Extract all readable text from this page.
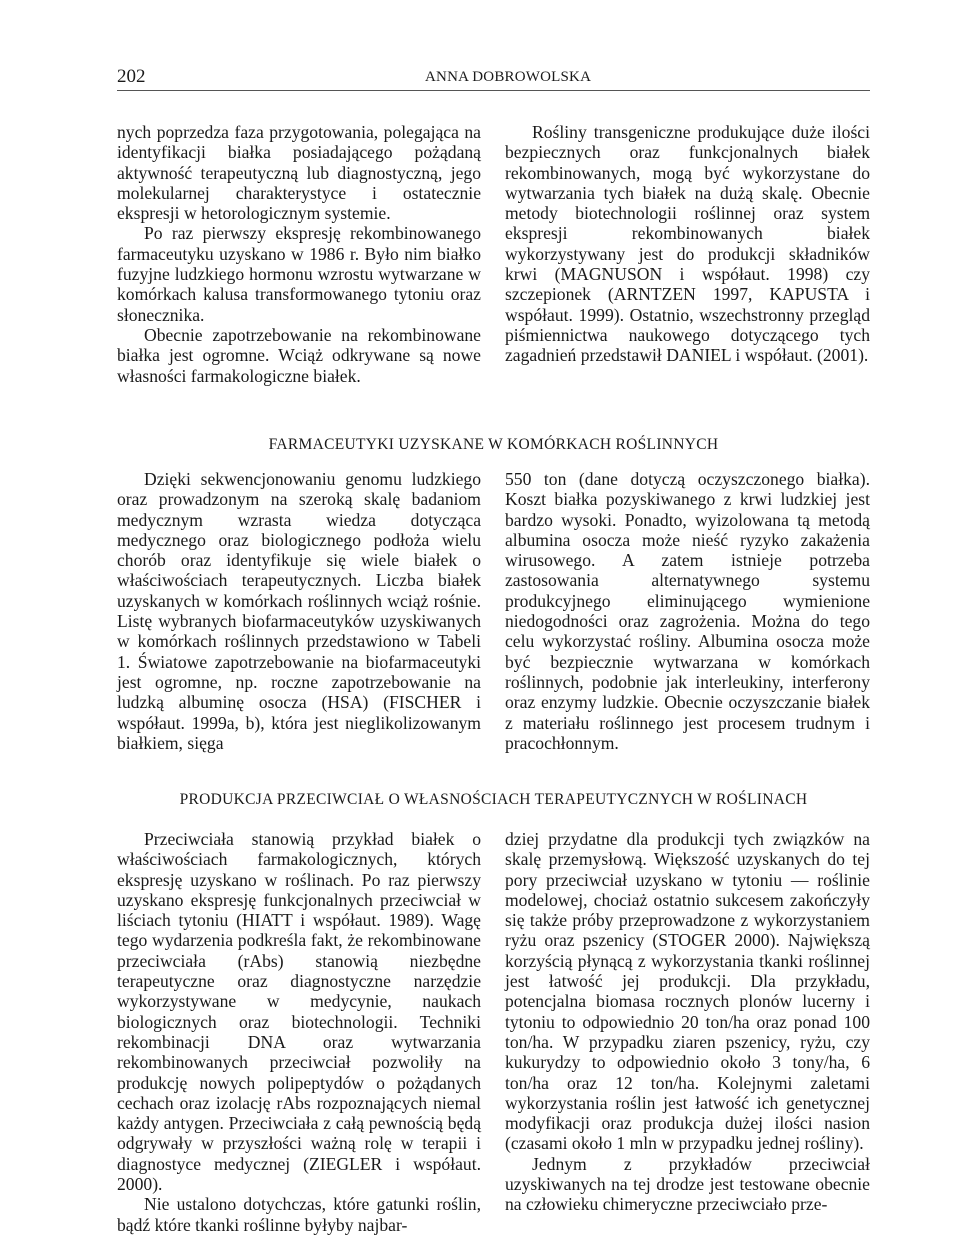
202	ANNA DOBROWOLSKA

nych poprzedza faza przygotowania, polegająca na identyfikacji białka posiadającego pożądaną aktywność terapeutyczną lub diagnostyczną, jego molekularnej charakterystyce i ostatecznie ekspresji w hetorologicznym systemie.

Po raz pierwszy ekspresję rekombinowanego farmaceutyku uzyskano w 1986 r. Było nim białko fuzyjne ludzkiego hormonu wzrostu wytwarzane w komórkach kalusa transformowanego tytoniu oraz słonecznika.

Obecnie zapotrzebowanie na rekombinowane białka jest ogromne. Wciąż odkrywane są nowe własności farmakologiczne białek.

Rośliny transgeniczne produkujące duże ilości bezpiecznych oraz funkcjonalnych białek rekombinowanych, mogą być wykorzystane do wytwarzania tych białek na dużą skalę. Obecnie metody biotechnologii roślinnej oraz system ekspresji rekombinowanych białek wykorzystywany jest do produkcji składników krwi (MAGNUSON i współaut. 1998) czy szczepionek (ARNTZEN 1997, KAPUSTA i współaut. 1999). Ostatnio, wszechstronny przegląd piśmiennictwa naukowego dotyczącego tych zagadnień przedstawił DANIEL i współaut. (2001).

FARMACEUTYKI UZYSKANE W KOMÓRKACH ROŚLINNYCH

Dzięki sekwencjonowaniu genomu ludzkiego oraz prowadzonym na szeroką skalę badaniom medycznym wzrasta wiedza dotycząca medycznego oraz biologicznego podłoża wielu chorób oraz identyfikuje się wiele białek o właściwościach terapeutycznych. Liczba białek uzyskanych w komórkach roślinnych wciąż rośnie. Listę wybranych biofarmaceutyków uzyskiwanych w komórkach roślinnych przedstawiono w Tabeli 1. Światowe zapotrzebowanie na biofarmaceutyki jest ogromne, np. roczne zapotrzebowanie na ludzką albuminę osocza (HSA) (FISCHER i współaut. 1999a, b), która jest nieglikolizowanym białkiem, sięga

550 ton (dane dotyczą oczyszczonego białka). Koszt białka pozyskiwanego z krwi ludzkiej jest bardzo wysoki. Ponadto, wyizolowana tą metodą albumina osocza może nieść ryzyko zakażenia wirusowego. A zatem istnieje potrzeba zastosowania alternatywnego systemu produkcyjnego eliminującego wymienione niedogodności oraz zagrożenia. Można do tego celu wykorzystać rośliny. Albumina osocza może być bezpiecznie wytwarzana w komórkach roślinnych, podobnie jak interleukiny, interferony oraz enzymy ludzkie. Obecnie oczyszczanie białek z materiału roślinnego jest procesem trudnym i pracochłonnym.

PRODUKCJA PRZECIWCIAŁ O WŁASNOŚCIACH TERAPEUTYCZNYCH W ROŚLINACH

Przeciwciała stanowią przykład białek o właściwościach farmakologicznych, których ekspresję uzyskano w roślinach. Po raz pierwszy uzyskano ekspresję funkcjonalnych przeciwciał w liściach tytoniu (HIATT i współaut. 1989). Wagę tego wydarzenia podkreśla fakt, że rekombinowane przeciwciała (rAbs) stanowią niezbędne terapeutyczne oraz diagnostyczne narzędzie wykorzystywane w medycynie, naukach biologicznych oraz biotechnologii. Techniki rekombinacji DNA oraz wytwarzania rekombinowanych przeciwciał pozwoliły na produkcję nowych polipeptydów o pożądanych cechach oraz izolację rAbs rozpoznających niemal każdy antygen. Przeciwciała z całą pewnością będą odgrywały w przyszłości ważną rolę w terapii i diagnostyce medycznej (ZIEGLER i współaut. 2000).

Nie ustalono dotychczas, które gatunki roślin, bądź które tkanki roślinne byłyby najbar-

dziej przydatne dla produkcji tych związków na skalę przemysłową. Większość uzyskanych do tej pory przeciwciał uzyskano w tytoniu — roślinie modelowej, chociaż ostatnio sukcesem zakończyły się także próby przeprowadzone z wykorzystaniem ryżu oraz pszenicy (STOGER 2000). Największą korzyścią płynącą z wykorzystania tkanki roślinnej jest łatwość jej produkcji. Dla przykładu, potencjalna biomasa rocznych plonów lucerny i tytoniu to odpowiednio 20 ton/ha oraz ponad 100 ton/ha. W przypadku ziaren pszenicy, ryżu, czy kukurydzy to odpowiednio około 3 tony/ha, 6 ton/ha oraz 12 ton/ha. Kolejnymi zaletami wykorzystania roślin jest łatwość ich genetycznej modyfikacji oraz produkcja dużej ilości nasion (czasami około 1 mln w przypadku jednej rośliny).

Jednym z przykładów przeciwciał uzyskiwanych na tej drodze jest testowane obecnie na człowieku chimeryczne przeciwciało prze-
